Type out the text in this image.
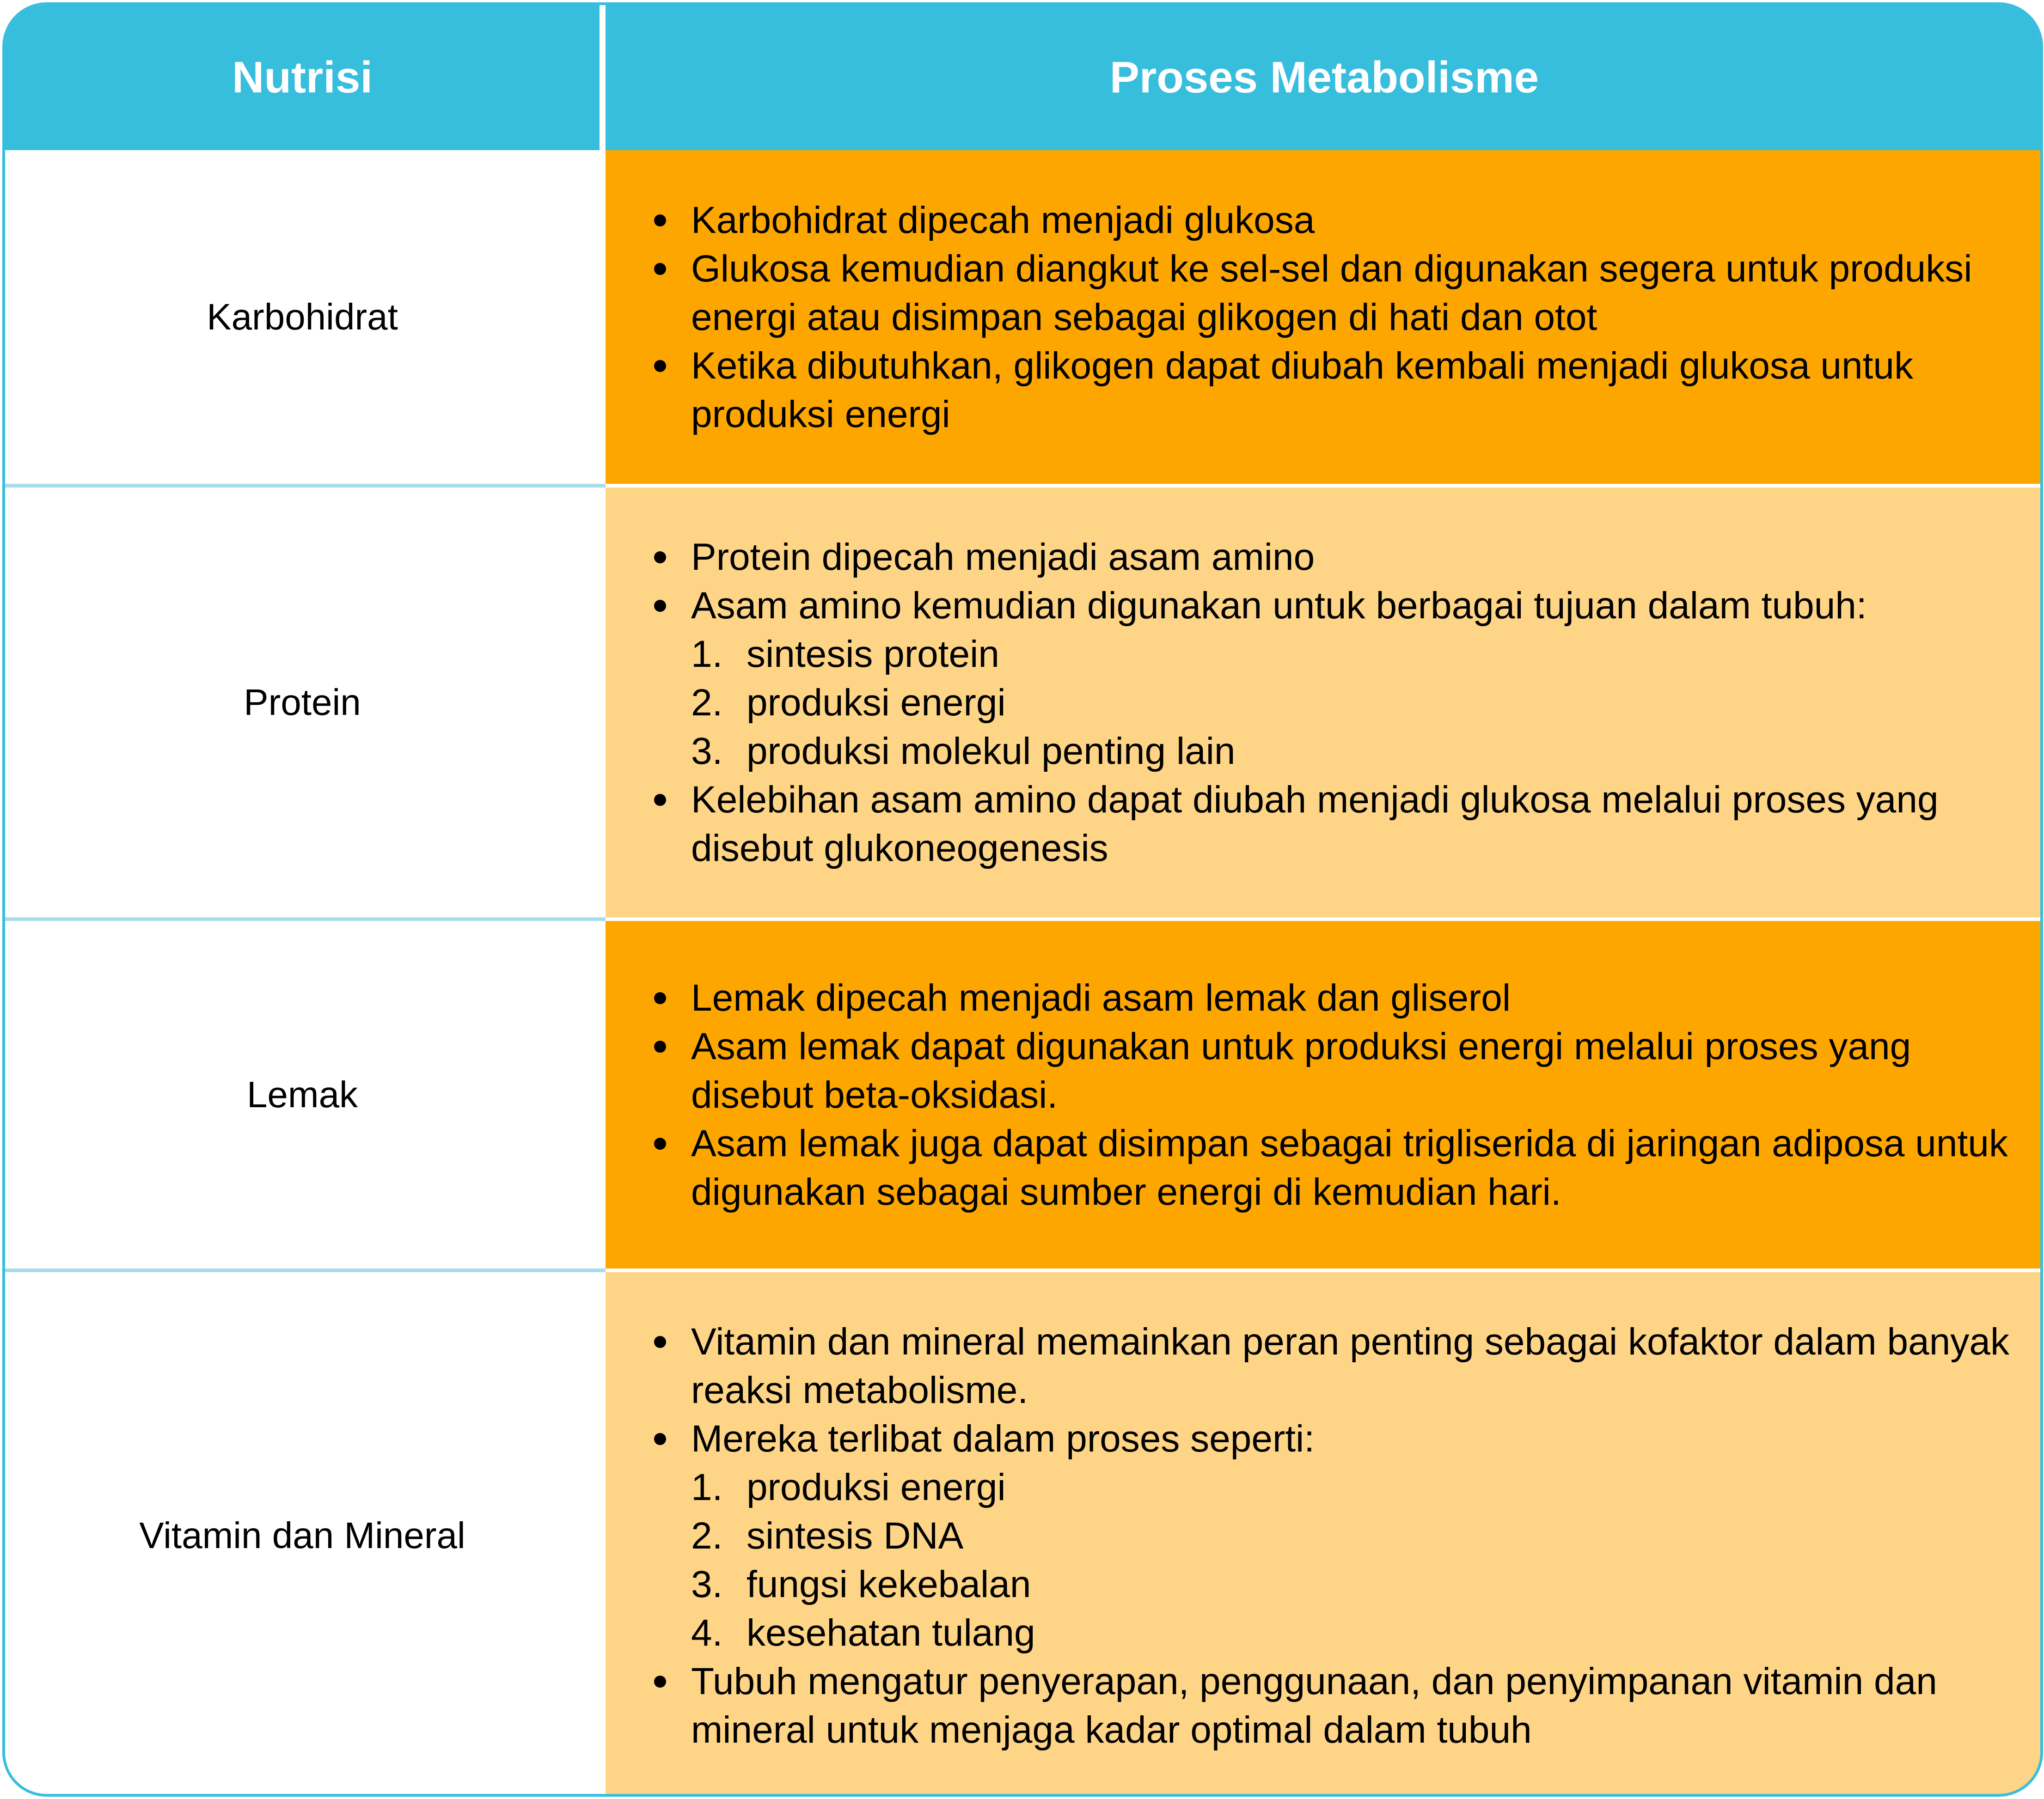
Nutrisi	Proses Metabolisme
Karbohidrat
Karbohidrat dipecah menjadi glukosa
Glukosa kemudian diangkut ke sel-sel dan digunakan segera untuk produksi energi atau disimpan sebagai glikogen di hati dan otot
Ketika dibutuhkan, glikogen dapat diubah kembali menjadi glukosa untuk produksi energi
Protein
Protein dipecah menjadi asam amino
Asam amino kemudian digunakan untuk berbagai tujuan dalam tubuh:
1. sintesis protein
2. produksi energi
3. produksi molekul penting lain
Kelebihan asam amino dapat diubah menjadi glukosa melalui proses yang disebut glukoneogenesis
Lemak
Lemak dipecah menjadi asam lemak dan gliserol
Asam lemak dapat digunakan untuk produksi energi melalui proses yang disebut beta-oksidasi.
Asam lemak juga dapat disimpan sebagai trigliserida di jaringan adiposa untuk digunakan sebagai sumber energi di kemudian hari.
Vitamin dan Mineral
Vitamin dan mineral memainkan peran penting sebagai kofaktor dalam banyak reaksi metabolisme.
Mereka terlibat dalam proses seperti:
1. produksi energi
2. sintesis DNA
3. fungsi kekebalan
4. kesehatan tulang
Tubuh mengatur penyerapan, penggunaan, dan penyimpanan vitamin dan mineral untuk menjaga kadar optimal dalam tubuh
